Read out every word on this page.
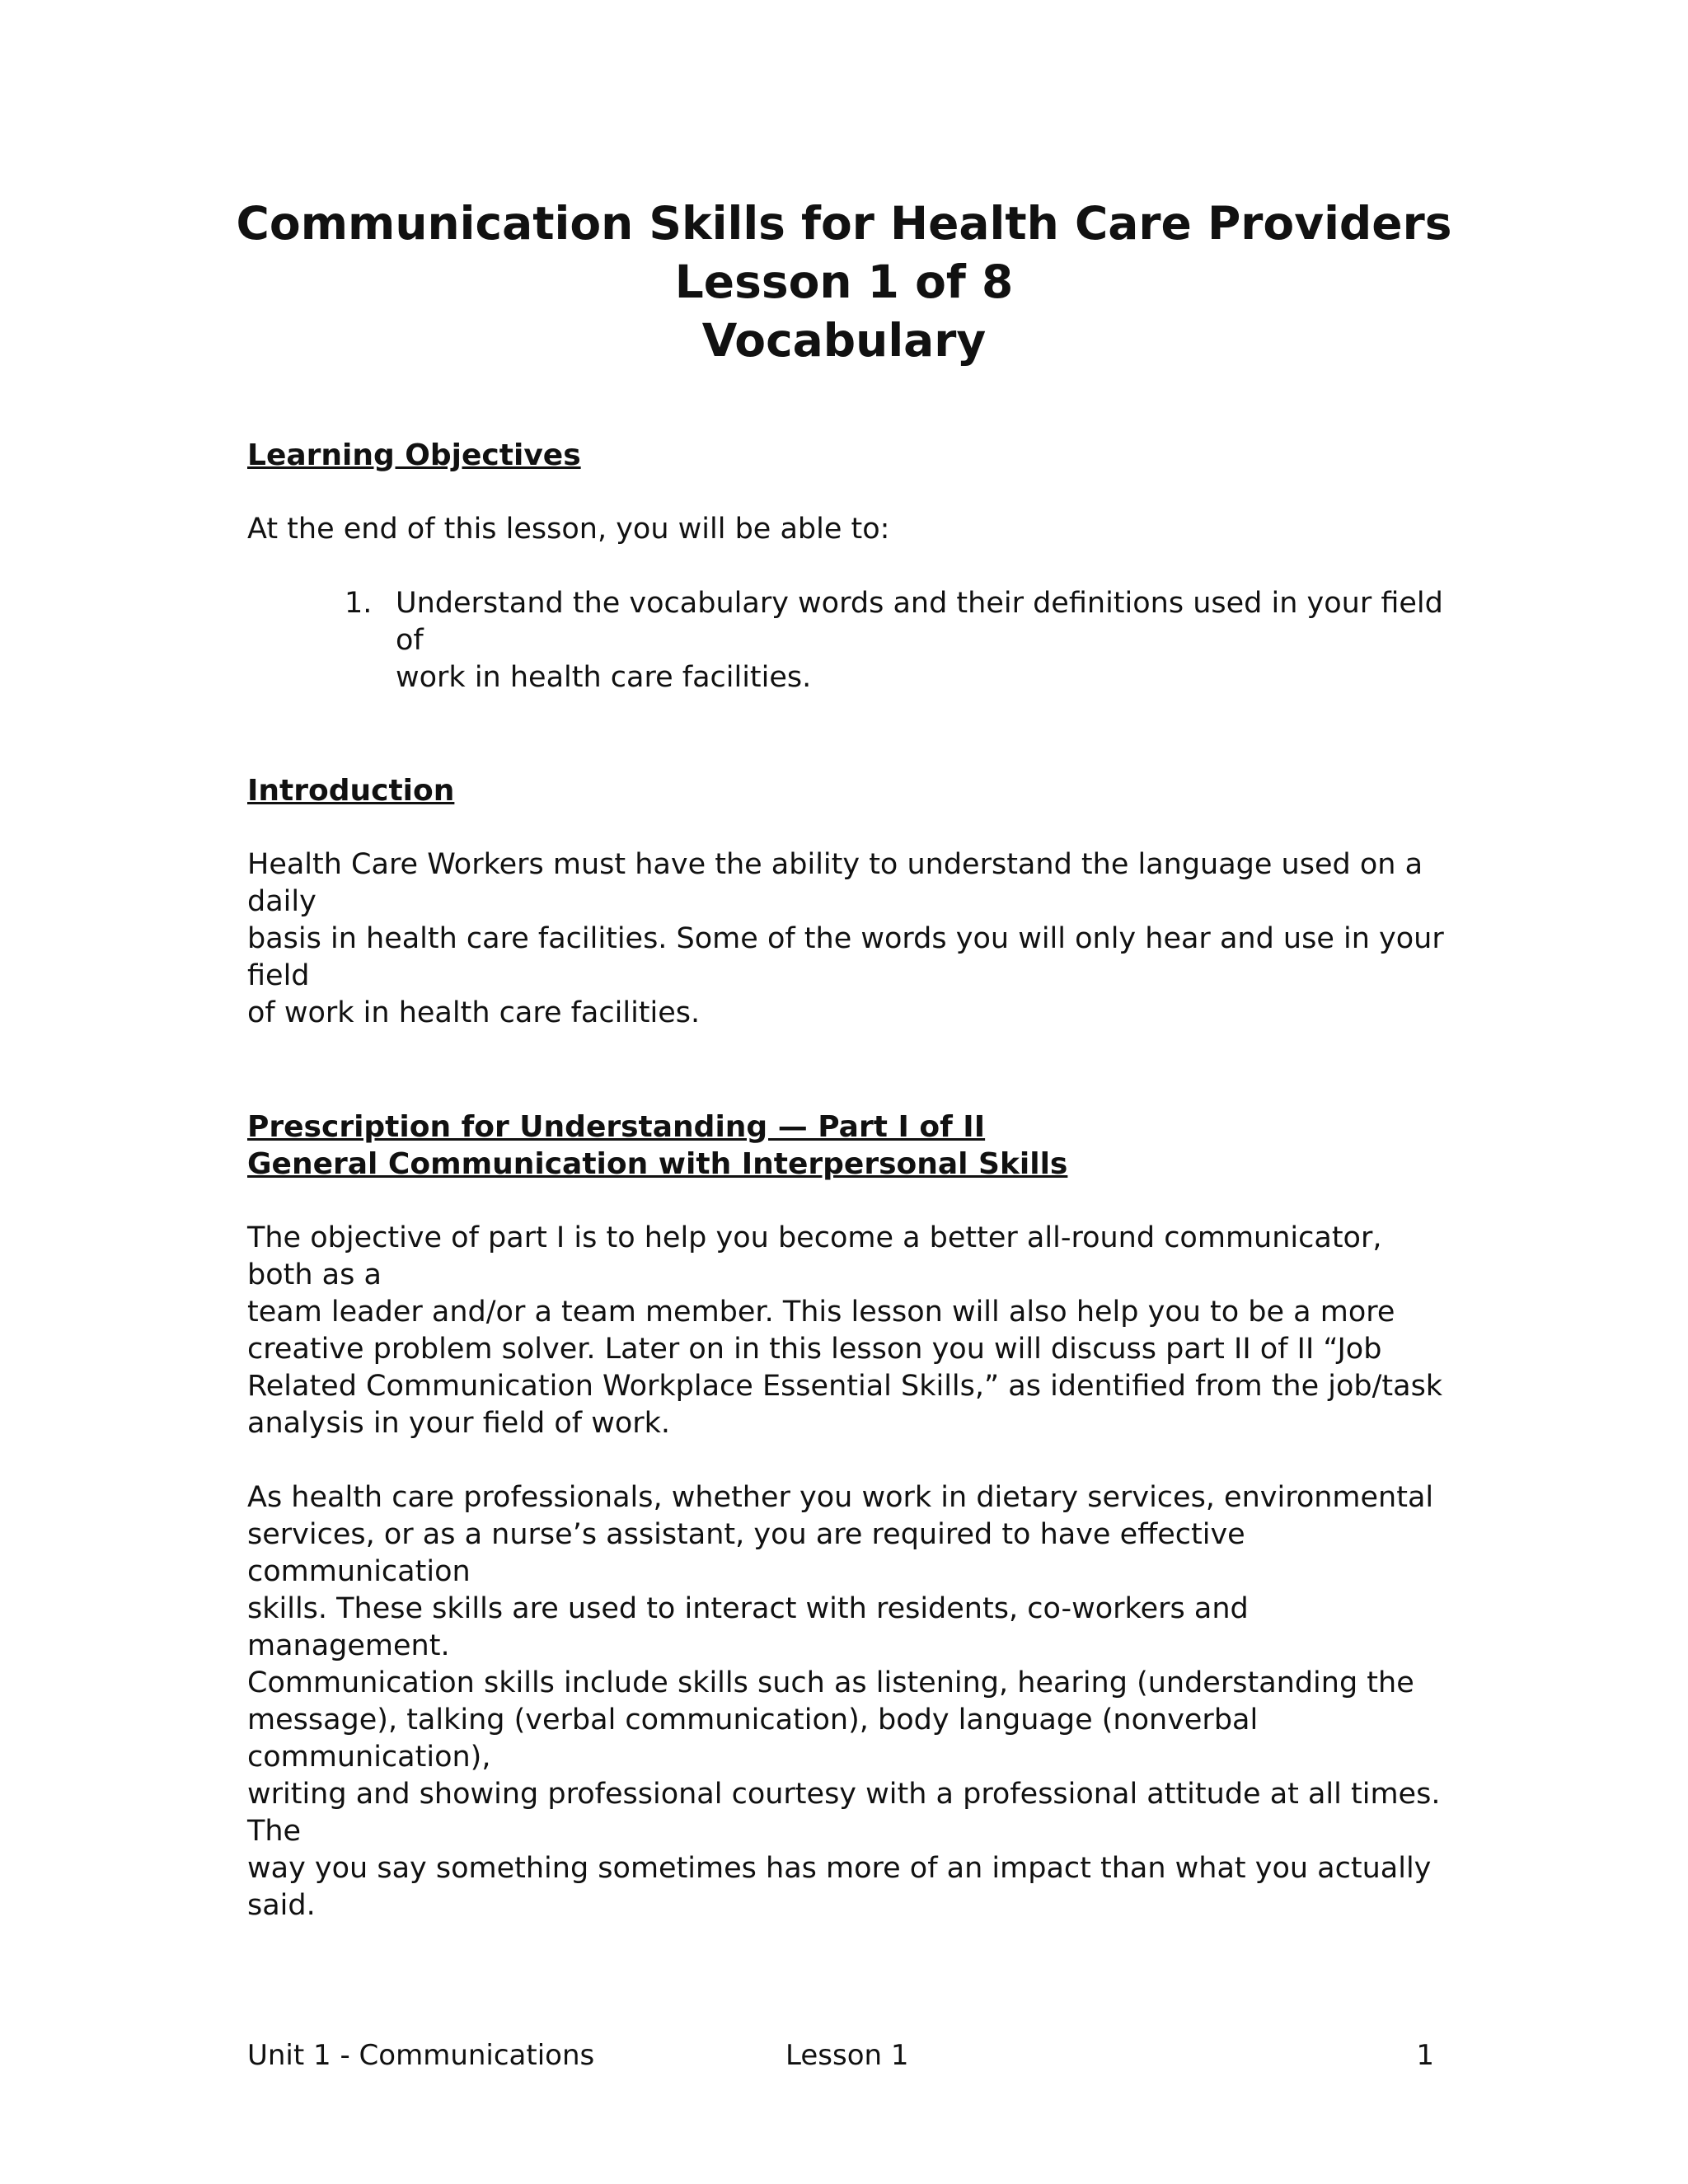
Communication Skills for Health Care Providers

Lesson 1 of 8

Vocabulary

Learning Objectives

At the end of this lesson, you will be able to:

1. Understand the vocabulary words and their definitions used in your field of
work in health care facilities.

Introduction

Health Care Workers must have the ability to understand the language used on a daily
basis in health care facilities. Some of the words you will only hear and use in your field
of work in health care facilities.

Prescription for Understanding — Part I of II

General Communication with Interpersonal Skills

The objective of part I is to help you become a better all-round communicator, both as a
team leader and/or a team member. This lesson will also help you to be a more
creative problem solver. Later on in this lesson you will discuss part II of II “Job
Related Communication Workplace Essential Skills,” as identified from the job/task
analysis in your field of work.

As health care professionals, whether you work in dietary services, environmental
services, or as a nurse’s assistant, you are required to have effective communication
skills. These skills are used to interact with residents, co-workers and management.
Communication skills include skills such as listening, hearing (understanding the
message), talking (verbal communication), body language (nonverbal communication),
writing and showing professional courtesy with a professional attitude at all times. The
way you say something sometimes has more of an impact than what you actually said.

Unit 1 - Communications	Lesson 1	1
